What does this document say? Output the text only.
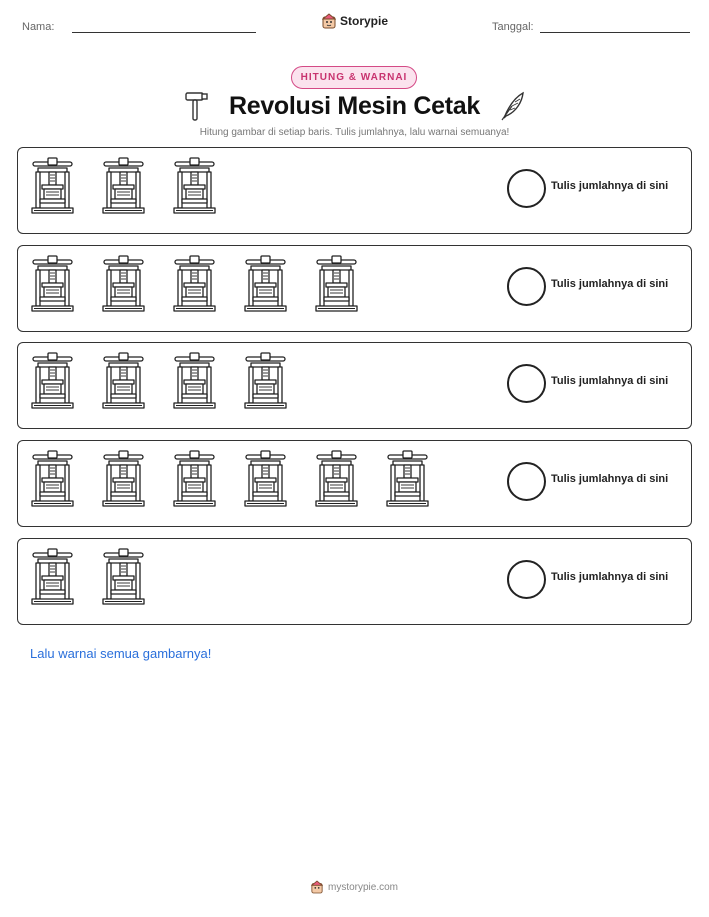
Nama:	Storypie	Tanggal:
HITUNG & WARNAI
Revolusi Mesin Cetak
Hitung gambar di setiap baris. Tulis jumlahnya, lalu warnai semuanya!
Tulis jumlahnya di sini
Tulis jumlahnya di sini
Tulis jumlahnya di sini
Tulis jumlahnya di sini
Tulis jumlahnya di sini
Lalu warnai semua gambarnya!
mystorypie.com
